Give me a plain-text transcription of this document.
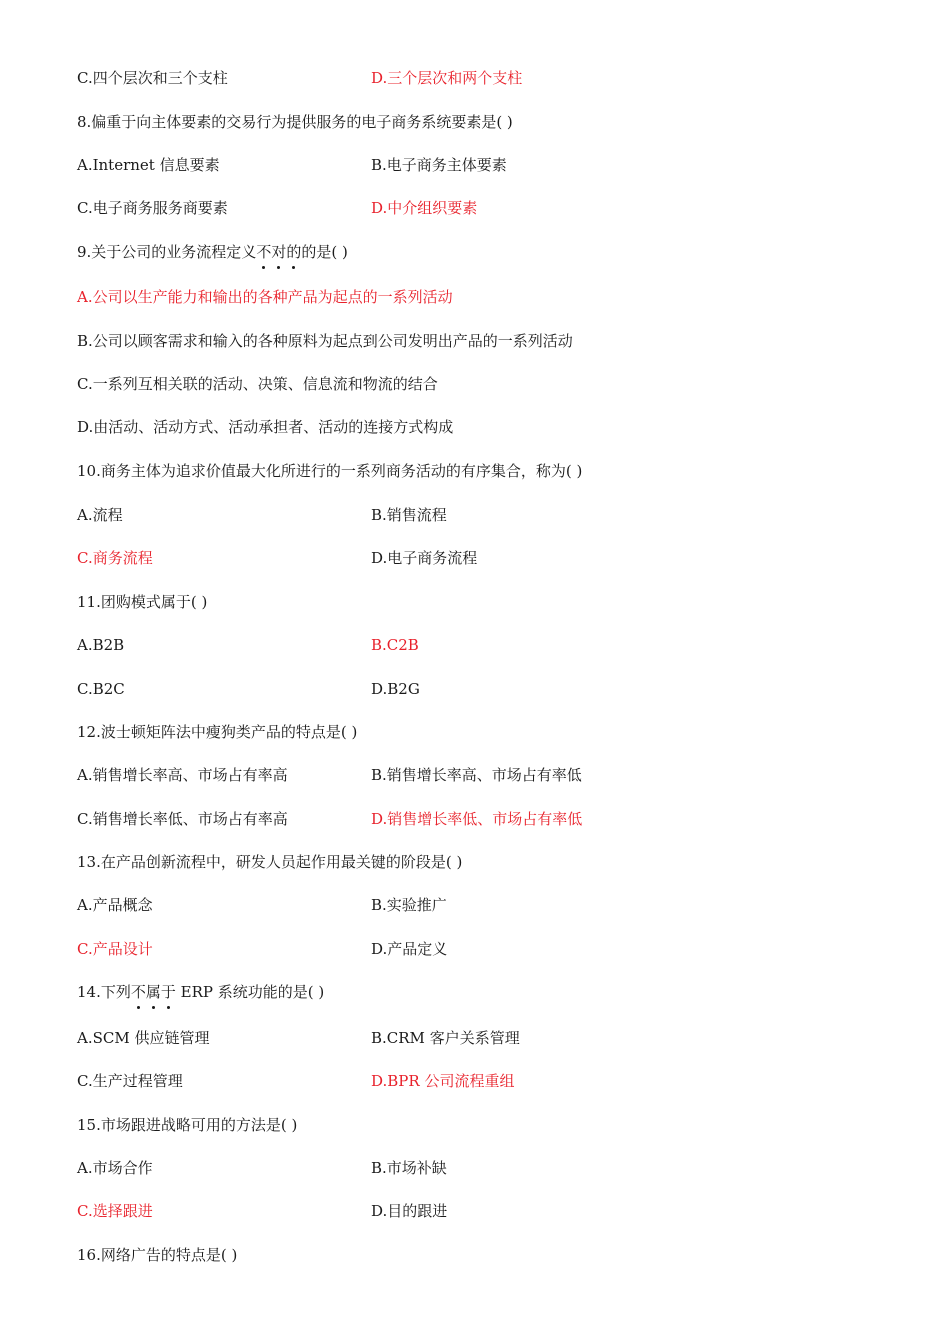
C.四个层次和三个支柱	D.三个层次和两个支柱
8.偏重于向主体要素的交易行为提供服务的电子商务系统要素是( )
A.Internet 信息要素	B.电子商务主体要素
C.电子商务服务商要素	D.中介组织要素
9.关于公司的业务流程定义不对的的是( )
A.公司以生产能力和输出的各种产品为起点的一系列活动
B.公司以顾客需求和输入的各种原料为起点到公司发明出产品的一系列活动
C.一系列互相关联的活动、决策、信息流和物流的结合
D.由活动、活动方式、活动承担者、活动的连接方式构成
10.商务主体为追求价值最大化所进行的一系列商务活动的有序集合，称为( )
A.流程	B.销售流程
C.商务流程	D.电子商务流程
11.团购模式属于( )
A.B2B	B.C2B
C.B2C	D.B2G
12.波士顿矩阵法中瘦狗类产品的特点是( )
A.销售增长率高、市场占有率高	B.销售增长率高、市场占有率低
C.销售增长率低、市场占有率高	D.销售增长率低、市场占有率低
13.在产品创新流程中，研发人员起作用最关键的阶段是( )
A.产品概念	B.实验推广
C.产品设计	D.产品定义
14.下列不属于 ERP 系统功能的是( )
A.SCM 供应链管理	B.CRM 客户关系管理
C.生产过程管理	D.BPR 公司流程重组
15.市场跟进战略可用的方法是( )
A.市场合作	B.市场补缺
C.选择跟进	D.目的跟进
16.网络广告的特点是( )
